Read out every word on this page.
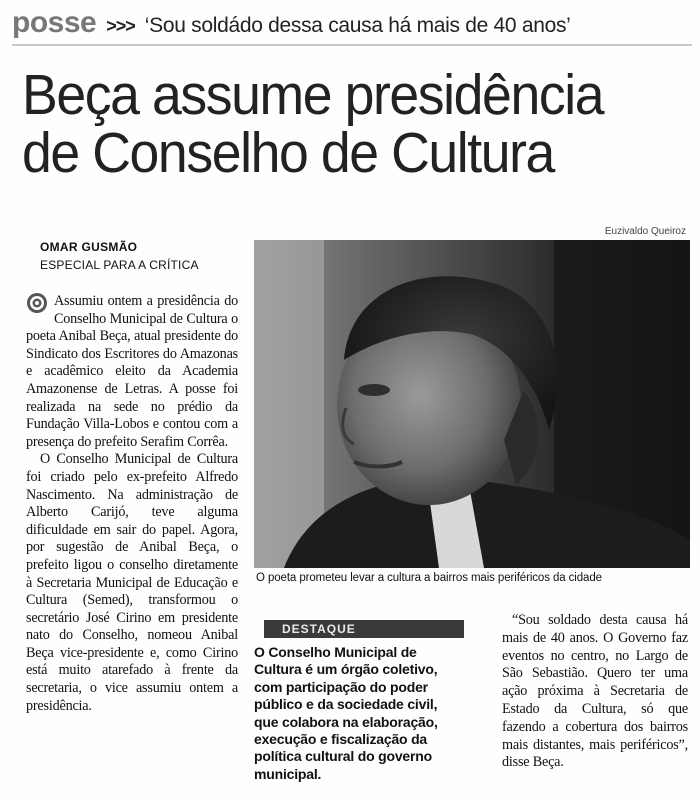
posse >>> ‘Sou soldádo dessa causa há mais de 40 anos’
Beça assume presidência
de Conselho de Cultura
OMAR GUSMÃO
ESPECIAL PARA A CRÍTICA
Euzivaldo Queiroz
O poeta prometeu levar a cultura a bairros mais periféricos da cidade

Assumiu ontem a presidência do Conselho Municipal de Cultura o poeta Anibal Beça, atual presidente do Sindicato dos Escritores do Amazonas e acadêmico eleito da Academia Amazonense de Letras. A posse foi realizada na sede no prédio da Fundação Villa-Lobos e contou com a presença do prefeito Serafim Corrêa.

O Conselho Municipal de Cultura foi criado pelo ex-prefeito Alfredo Nascimento. Na administração de Alberto Carijó, teve alguma dificuldade em sair do papel. Agora, por sugestão de Anibal Beça, o prefeito ligou o conselho diretamente à Secretaria Municipal de Educação e Cultura (Semed), transformou o secretário José Cirino em presidente nato do Conselho, nomeou Anibal Beça vice-presidente e, como Cirino está muito atarefado à frente da secretaria, o vice assumiu ontem a presidência.

DESTAQUE

O Conselho Municipal de Cultura é um órgão coletivo, com participação do poder público e da sociedade civil, que colabora na elaboração, execução e fiscalização da política cultural do governo municipal.

“Sou soldado desta causa há mais de 40 anos. O Governo faz eventos no centro, no Largo de São Sebastião. Quero ter uma ação próxima à Secretaria de Estado da Cultura, só que fazendo a cobertura dos bairros mais distantes, mais periféricos”, disse Beça.
